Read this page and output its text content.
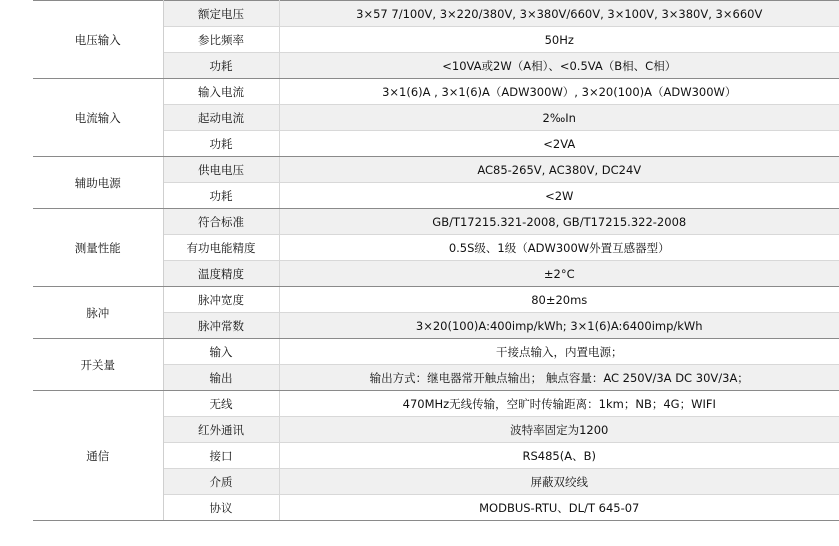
电压输入	额定电压	3×57 7/100V, 3×220/380V, 3×380V/660V, 3×100V, 3×380V, 3×660V
	参比频率	50Hz
	功耗	<10VA或2W（A相）、<0.5VA（B相、C相）
电流输入	输入电流	3×1(6)A , 3×1(6)A（ADW300W）, 3×20(100)A（ADW300W）
	起动电流	2‰In
	功耗	<2VA
辅助电源	供电电压	AC85-265V, AC380V, DC24V
	功耗	<2W
测量性能	符合标准	GB/T17215.321-2008, GB/T17215.322-2008
	有功电能精度	0.5S级、1级（ADW300W外置互感器型）
	温度精度	±2°C
脉冲	脉冲宽度	80±20ms
	脉冲常数	3×20(100)A:400imp/kWh; 3×1(6)A:6400imp/kWh
开关量	输入	干接点输入，内置电源；
	输出	输出方式：继电器常开触点输出； 触点容量：AC 250V/3A DC 30V/3A；
通信	无线	470MHz无线传输，空旷时传输距离：1km；NB；4G；WIFI
	红外通讯	波特率固定为1200
	接口	RS485(A、B)
	介质	屏蔽双绞线
	协议	MODBUS-RTU、DL/T 645-07
